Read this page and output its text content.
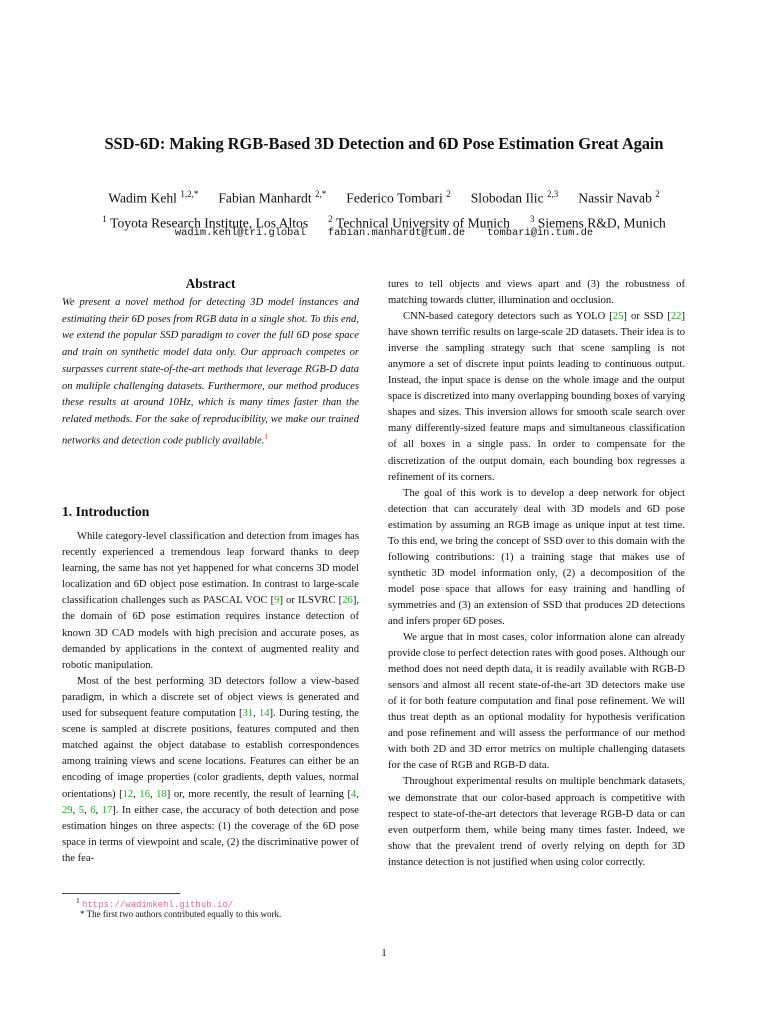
SSD-6D: Making RGB-Based 3D Detection and 6D Pose Estimation Great Again
Wadim Kehl $^{1,2,*}$ Fabian Manhardt $^{2,*}$ Federico Tombari $^2$ Slobodan Ilic $^{2,3}$ Nassir Navab $^2$
$^1$ Toyota Research Institute, Los Altos $^2$ Technical University of Munich $^3$ Siemens R&D, Munich
wadim.kehl@tri.global fabian.manhardt@tum.de tombari@in.tum.de
Abstract
We present a novel method for detecting 3D model instances and estimating their 6D poses from RGB data in a single shot. To this end, we extend the popular SSD paradigm to cover the full 6D pose space and train on synthetic model data only. Our approach competes or surpasses current state-of-the-art methods that leverage RGB-D data on multiple challenging datasets. Furthermore, our method produces these results at around 10Hz, which is many times faster than the related methods. For the sake of reproducibility, we make our trained networks and detection code publicly available.$^1$
1. Introduction

While category-level classification and detection from images has recently experienced a tremendous leap forward thanks to deep learning, the same has not yet happened for what concerns 3D model localization and 6D object pose estimation. In contrast to large-scale classification challenges such as PASCAL VOC [9] or ILSVRC [26], the domain of 6D pose estimation requires instance detection of known 3D CAD models with high precision and accurate poses, as demanded by applications in the context of augmented reality and robotic manipulation.

Most of the best performing 3D detectors follow a view-based paradigm, in which a discrete set of object views is generated and used for subsequent feature computation [31, 14]. During testing, the scene is sampled at discrete positions, features computed and then matched against the object database to establish correspondences among training views and scene locations. Features can either be an encoding of image properties (color gradients, depth values, normal orientations) [12, 16, 18] or, more recently, the result of learning [4, 29, 5, 6, 17]. In either case, the accuracy of both detection and pose estimation hinges on three aspects: (1) the coverage of the 6D pose space in terms of viewpoint and scale, (2) the discriminative power of the fea-

tures to tell objects and views apart and (3) the robustness of matching towards clutter, illumination and occlusion.

CNN-based category detectors such as YOLO [25] or SSD [22] have shown terrific results on large-scale 2D datasets. Their idea is to inverse the sampling strategy such that scene sampling is not anymore a set of discrete input points leading to continuous output. Instead, the input space is dense on the whole image and the output space is discretized into many overlapping bounding boxes of varying shapes and sizes. This inversion allows for smooth scale search over many differently-sized feature maps and simultaneous classification of all boxes in a single pass. In order to compensate for the discretization of the output domain, each bounding box regresses a refinement of its corners.

The goal of this work is to develop a deep network for object detection that can accurately deal with 3D models and 6D pose estimation by assuming an RGB image as unique input at test time. To this end, we bring the concept of SSD over to this domain with the following contributions: (1) a training stage that makes use of synthetic 3D model information only, (2) a decomposition of the model pose space that allows for easy training and handling of symmetries and (3) an extension of SSD that produces 2D detections and infers proper 6D poses.

We argue that in most cases, color information alone can already provide close to perfect detection rates with good poses. Although our method does not need depth data, it is readily available with RGB-D sensors and almost all recent state-of-the-art 3D detectors make use of it for both feature computation and final pose refinement. We will thus treat depth as an optional modality for hypothesis verification and pose refinement and will assess the performance of our method with both 2D and 3D error metrics on multiple challenging datasets for the case of RGB and RGB-D data.

Throughout experimental results on multiple benchmark datasets, we demonstrate that our color-based approach is competitive with respect to state-of-the-art detectors that leverage RGB-D data or can even outperform them, while being many times faster. Indeed, we show that the prevalent trend of overly relying on depth for 3D instance detection is not justified when using color correctly.

$^1$ https://wadimkehl.github.io/
* The first two authors contributed equally to this work.
1
